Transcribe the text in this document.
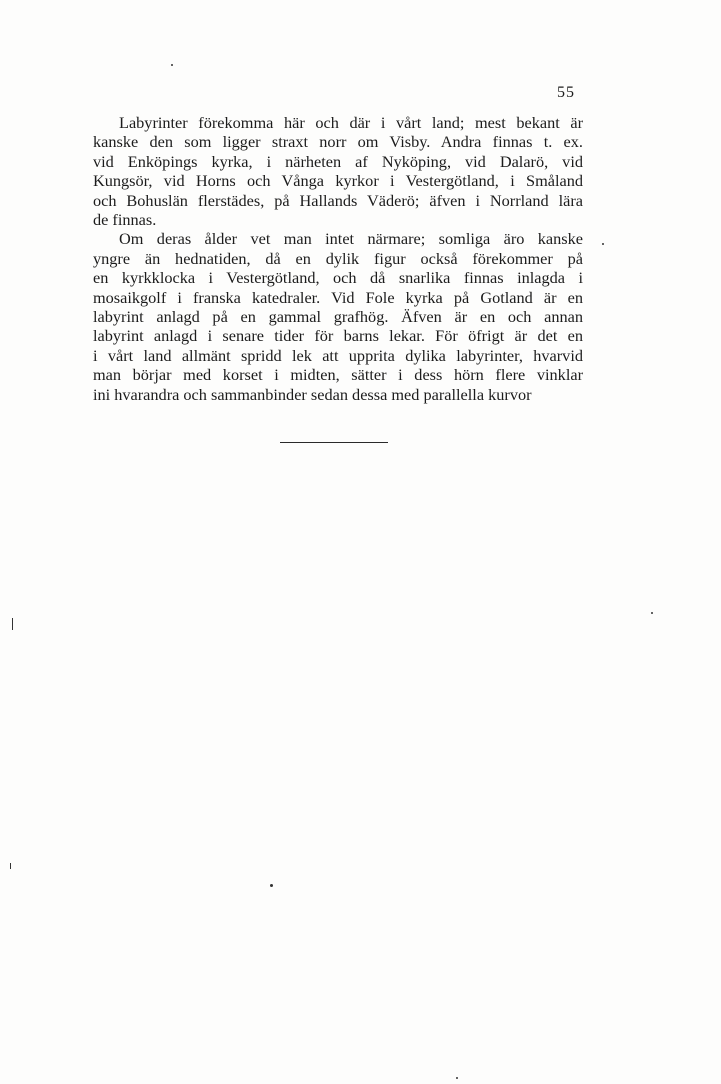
55
Labyrinter förekomma här och där i vårt land; mest bekant är
kanske den som ligger straxt norr om Visby. Andra finnas t. ex.
vid Enköpings kyrka, i närheten af Nyköping, vid Dalarö, vid
Kungsör, vid Horns och Vånga kyrkor i Vestergötland, i Småland
och Bohuslän flerstädes, på Hallands Väderö; äfven i Norrland lära
de finnas.
Om deras ålder vet man intet närmare; somliga äro kanske
yngre än hednatiden, då en dylik figur också förekommer på
en kyrkklocka i Vestergötland, och då snarlika finnas inlagda i
mosaikgolf i franska katedraler. Vid Fole kyrka på Gotland är en
labyrint anlagd på en gammal grafhög. Äfven är en och annan
labyrint anlagd i senare tider för barns lekar. För öfrigt är det en
i vårt land allmänt spridd lek att upprita dylika labyrinter, hvarvid
man börjar med korset i midten, sätter i dess hörn flere vinklar
ini hvarandra och sammanbinder sedan dessa med parallella kurvor
